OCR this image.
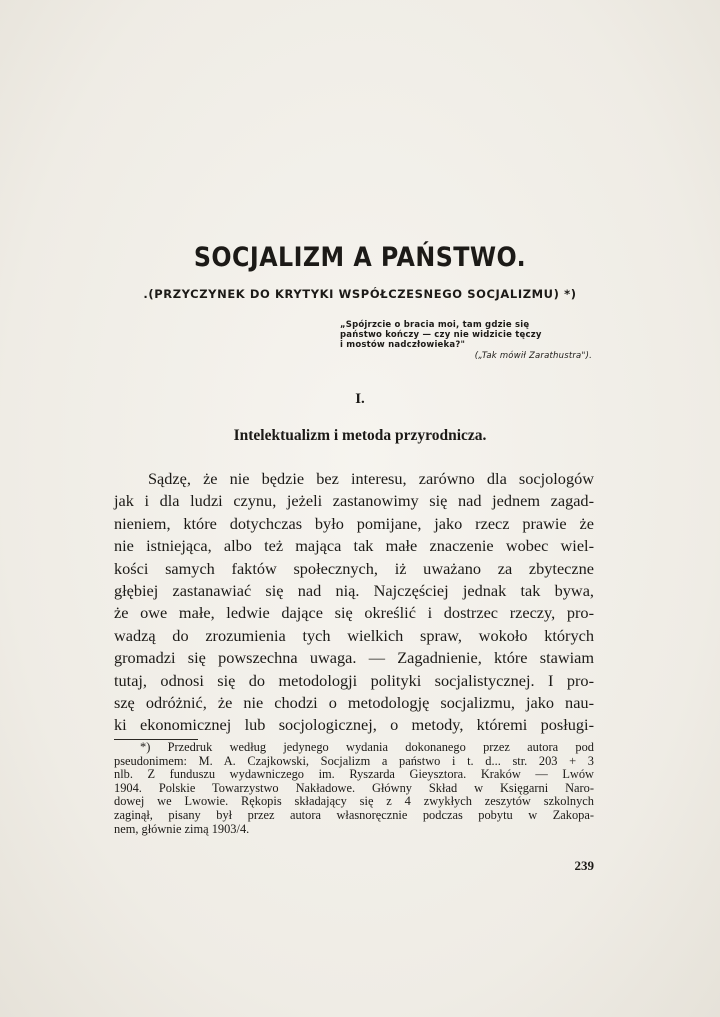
SOCJALIZM A PAŃSTWO.
.(PRZYCZYNEK DO KRYTYKI WSPÓŁCZESNEGO SOCJALIZMU) *)
„Spójrzcie o bracia moi, tam gdzie się
państwo kończy — czy nie widzicie tęczy
i mostów nadczłowieka?"
(„Tak mówił Zarathustra").
I.
Intelektualizm i metoda przyrodnicza.
Sądzę, że nie będzie bez interesu, zarówno dla socjologów
jak i dla ludzi czynu, jeżeli zastanowimy się nad jednem zagad-
nieniem, które dotychczas było pomijane, jako rzecz prawie że
nie istniejąca, albo też mająca tak małe znaczenie wobec wiel-
kości samych faktów społecznych, iż uważano za zbyteczne
głębiej zastanawiać się nad nią. Najczęściej jednak tak bywa,
że owe małe, ledwie dające się określić i dostrzec rzeczy, pro-
wadzą do zrozumienia tych wielkich spraw, wokoło których
gromadzi się powszechna uwaga. — Zagadnienie, które stawiam
tutaj, odnosi się do metodologji polityki socjalistycznej. I pro-
szę odróżnić, że nie chodzi o metodologję socjalizmu, jako nau-
ki ekonomicznej lub socjologicznej, o metody, któremi posługi-
*) Przedruk według jedynego wydania dokonanego przez autora pod
pseudonimem: M. A. Czajkowski, Socjalizm a państwo i t. d... str. 203 + 3
nlb. Z funduszu wydawniczego im. Ryszarda Gieysztora. Kraków — Lwów
1904. Polskie Towarzystwo Nakładowe. Główny Skład w Księgarni Naro-
dowej we Lwowie. Rękopis składający się z 4 zwykłych zeszytów szkolnych
zaginął, pisany był przez autora własnoręcznie podczas pobytu w Zakopa-
nem, głównie zimą 1903/4.
239
